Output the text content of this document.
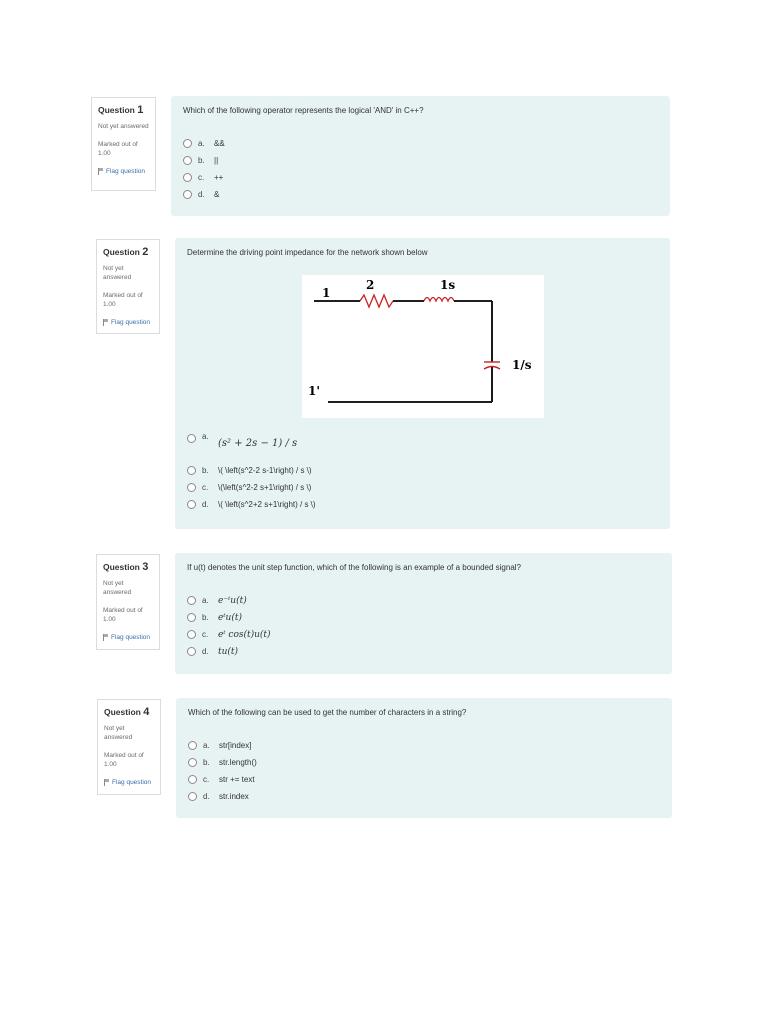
Question 1
Not yet answered
Marked out of 1.00
Flag question
Which of the following operator represents the logical 'AND' in C++?
a.	&&
b.	||
c.	++
d.	&
Question 2
Not yet answered
Marked out of 1.00
Flag question
Determine the driving point impedance for the network shown below
1
2	1s
1/s
1'
a.
(s² + 2s − 1) / s
b.	\( \left(s^2-2 s-1\right) / s \)
c.	\(\left(s^2-2 s+1\right) / s \)
d.	\( \left(s^2+2 s+1\right) / s \)
Question 3
Not yet answered
Marked out of 1.00
Flag question
If u(t) denotes the unit step function, which of the following is an example of a bounded signal?
a.	e⁻ᵗu(t)
b.	eᵗu(t)
c.	eᵗ cos(t)u(t)
d.	tu(t)
Question 4
Not yet answered
Marked out of 1.00
Flag question
Which of the following can be used to get the number of characters in a string?
a.	str[index]
b.	str.length()
c.	str += text
d.	str.index
